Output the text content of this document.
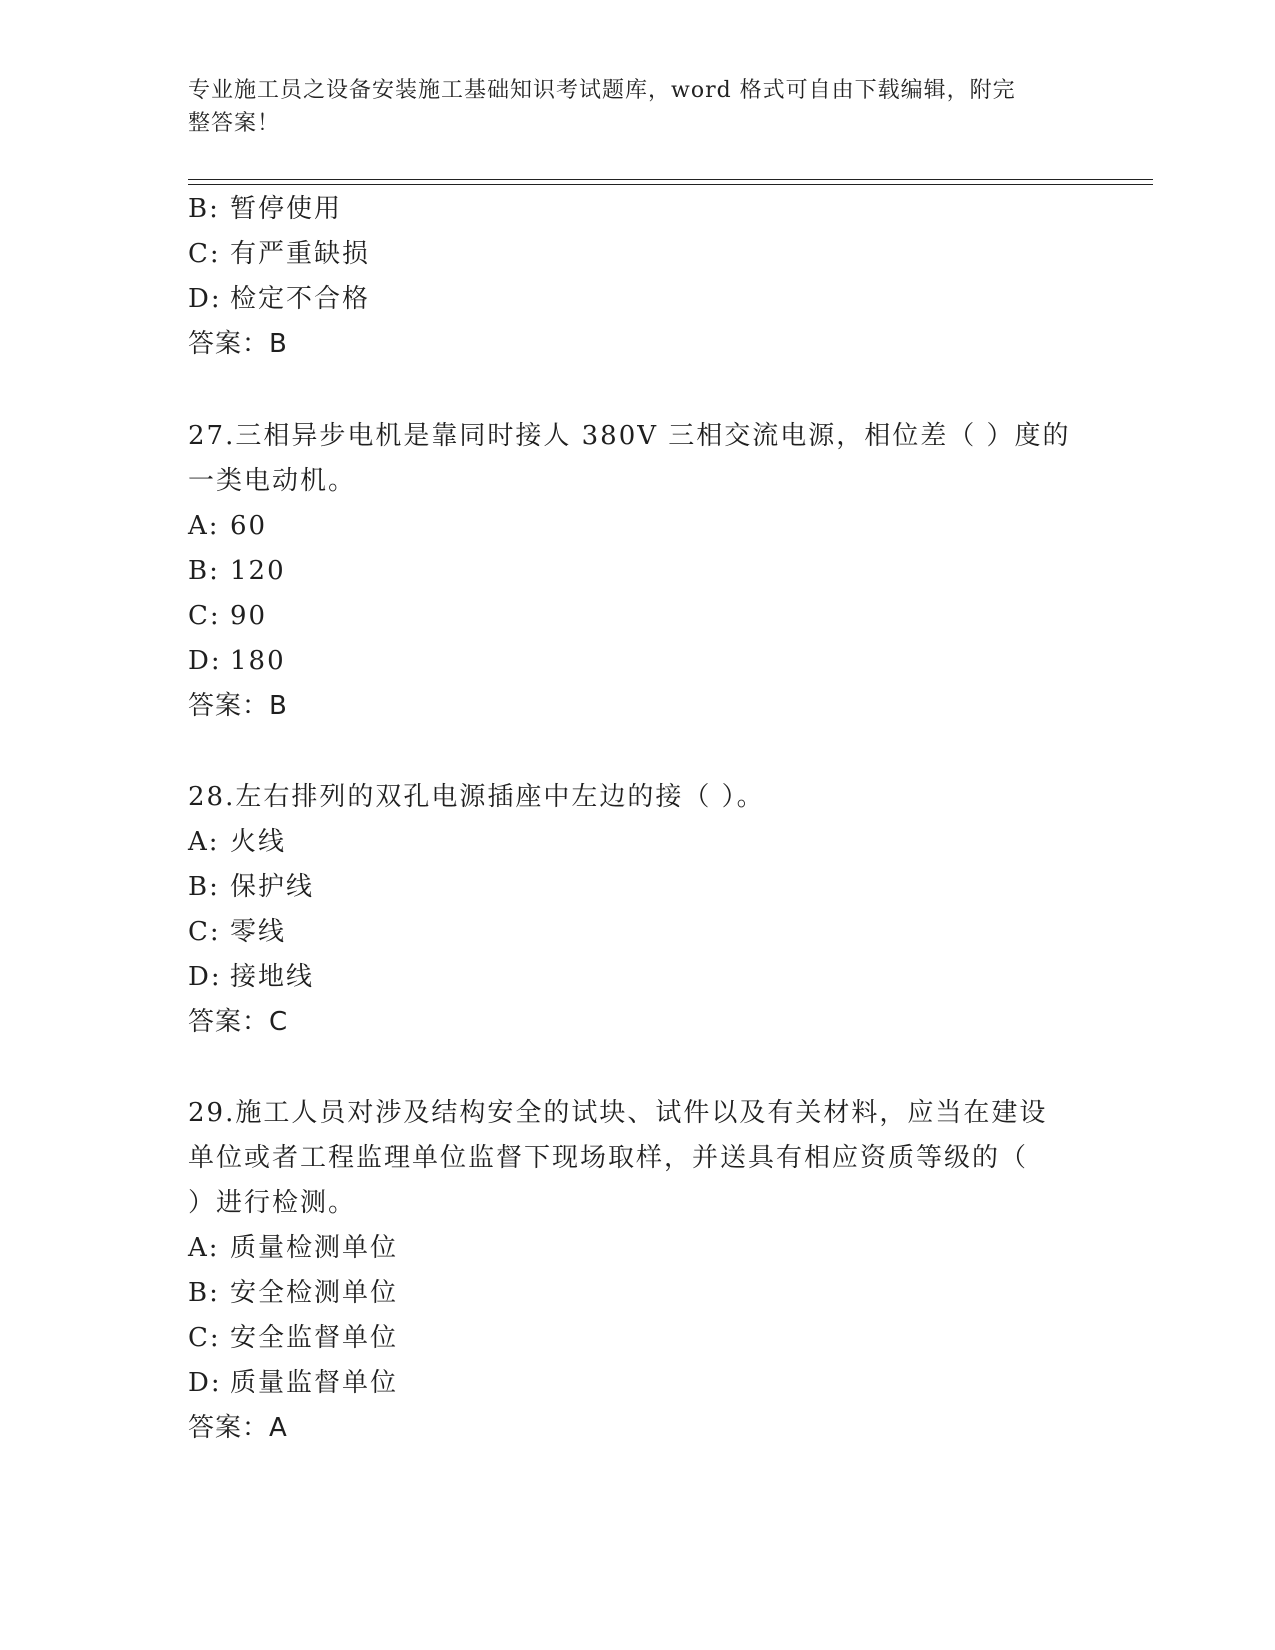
专业施工员之设备安装施工基础知识考试题库，word 格式可自由下载编辑，附完
整答案！
B: 暂停使用
C: 有严重缺损
D: 检定不合格
答案：B
27.三相异步电机是靠同时接人 380V 三相交流电源，相位差（ ）度的
一类电动机。
A: 60
B: 120
C: 90
D: 180
答案：B
28.左右排列的双孔电源插座中左边的接（ ）。
A: 火线
B: 保护线
C: 零线
D: 接地线
答案：C
29.施工人员对涉及结构安全的试块、试件以及有关材料，应当在建设
单位或者工程监理单位监督下现场取样，并送具有相应资质等级的（
）进行检测。
A: 质量检测单位
B: 安全检测单位
C: 安全监督单位
D: 质量监督单位
答案：A
